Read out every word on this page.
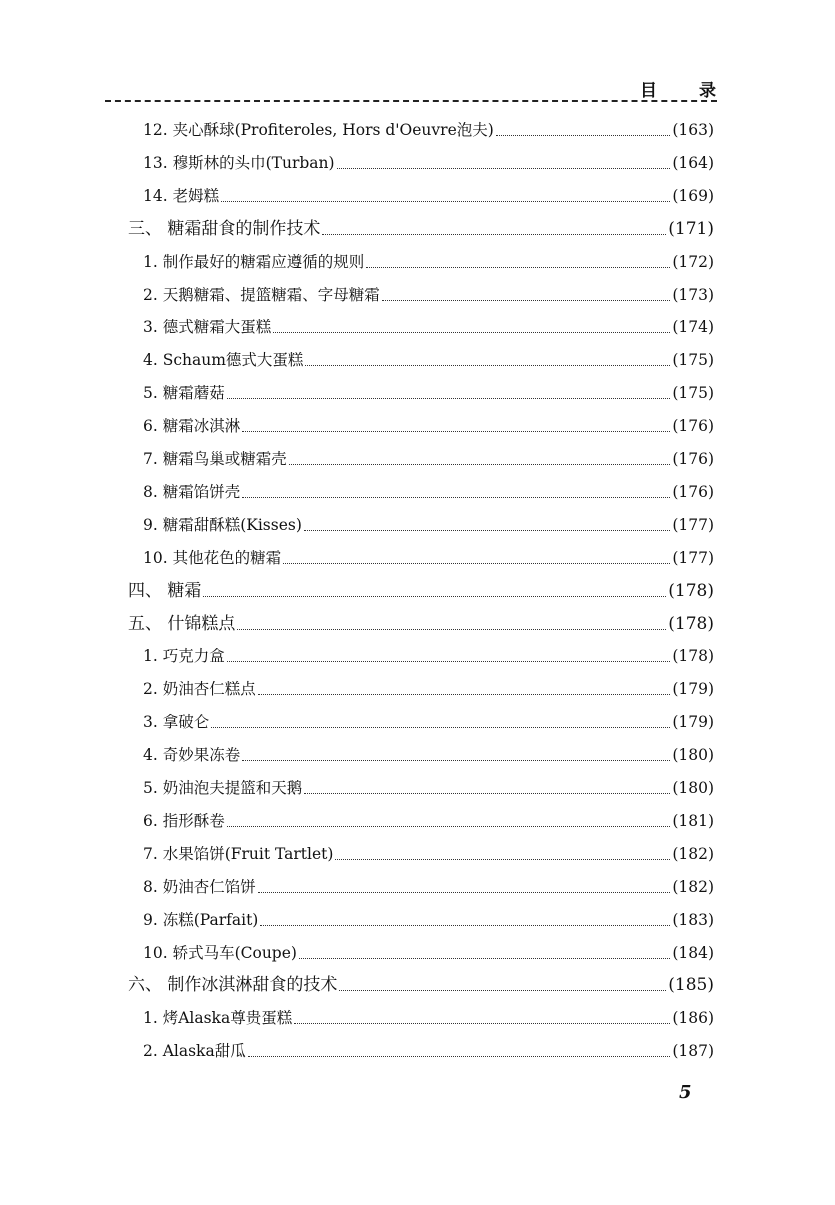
目 录
12. 夹心酥球(Profiteroles, Hors d'Oeuvre泡夫)	(163)
13. 穆斯林的头巾(Turban)	(164)
14. 老姆糕	(169)
三、 糖霜甜食的制作技术	(171)
1. 制作最好的糖霜应遵循的规则	(172)
2. 天鹅糖霜、提篮糖霜、字母糖霜	(173)
3. 德式糖霜大蛋糕	(174)
4. Schaum德式大蛋糕	(175)
5. 糖霜蘑菇	(175)
6. 糖霜冰淇淋	(176)
7. 糖霜鸟巢或糖霜壳	(176)
8. 糖霜馅饼壳	(176)
9. 糖霜甜酥糕(Kisses)	(177)
10. 其他花色的糖霜	(177)
四、 糖霜	(178)
五、 什锦糕点	(178)
1. 巧克力盒	(178)
2. 奶油杏仁糕点	(179)
3. 拿破仑	(179)
4. 奇妙果冻卷	(180)
5. 奶油泡夫提篮和天鹅	(180)
6. 指形酥卷	(181)
7. 水果馅饼(Fruit Tartlet)	(182)
8. 奶油杏仁馅饼	(182)
9. 冻糕(Parfait)	(183)
10. 轿式马车(Coupe)	(184)
六、 制作冰淇淋甜食的技术	(185)
1. 烤Alaska尊贵蛋糕	(186)
2. Alaska甜瓜	(187)
5
